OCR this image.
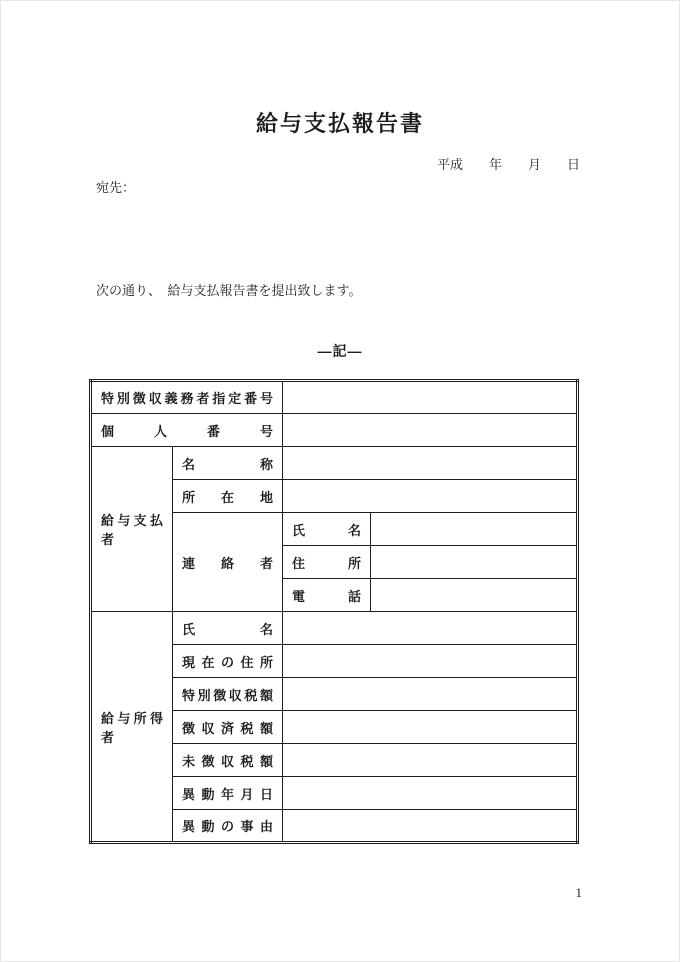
給与支払報告書
平成 年 月 日
宛先：
次の通り、　給与支払報告書を提出致します。
—記—
特別徴収義務者指定番号			
個人番号			
給与支払者	名称		
	所在地		
	連絡者	氏名	
		住所	
		電話	
給与所得者	氏名		
	現在の住所		
	特別徴収税額		
	徴収済税額		
	未徴収税額		
	異動年月日		
	異動の事由		
1
